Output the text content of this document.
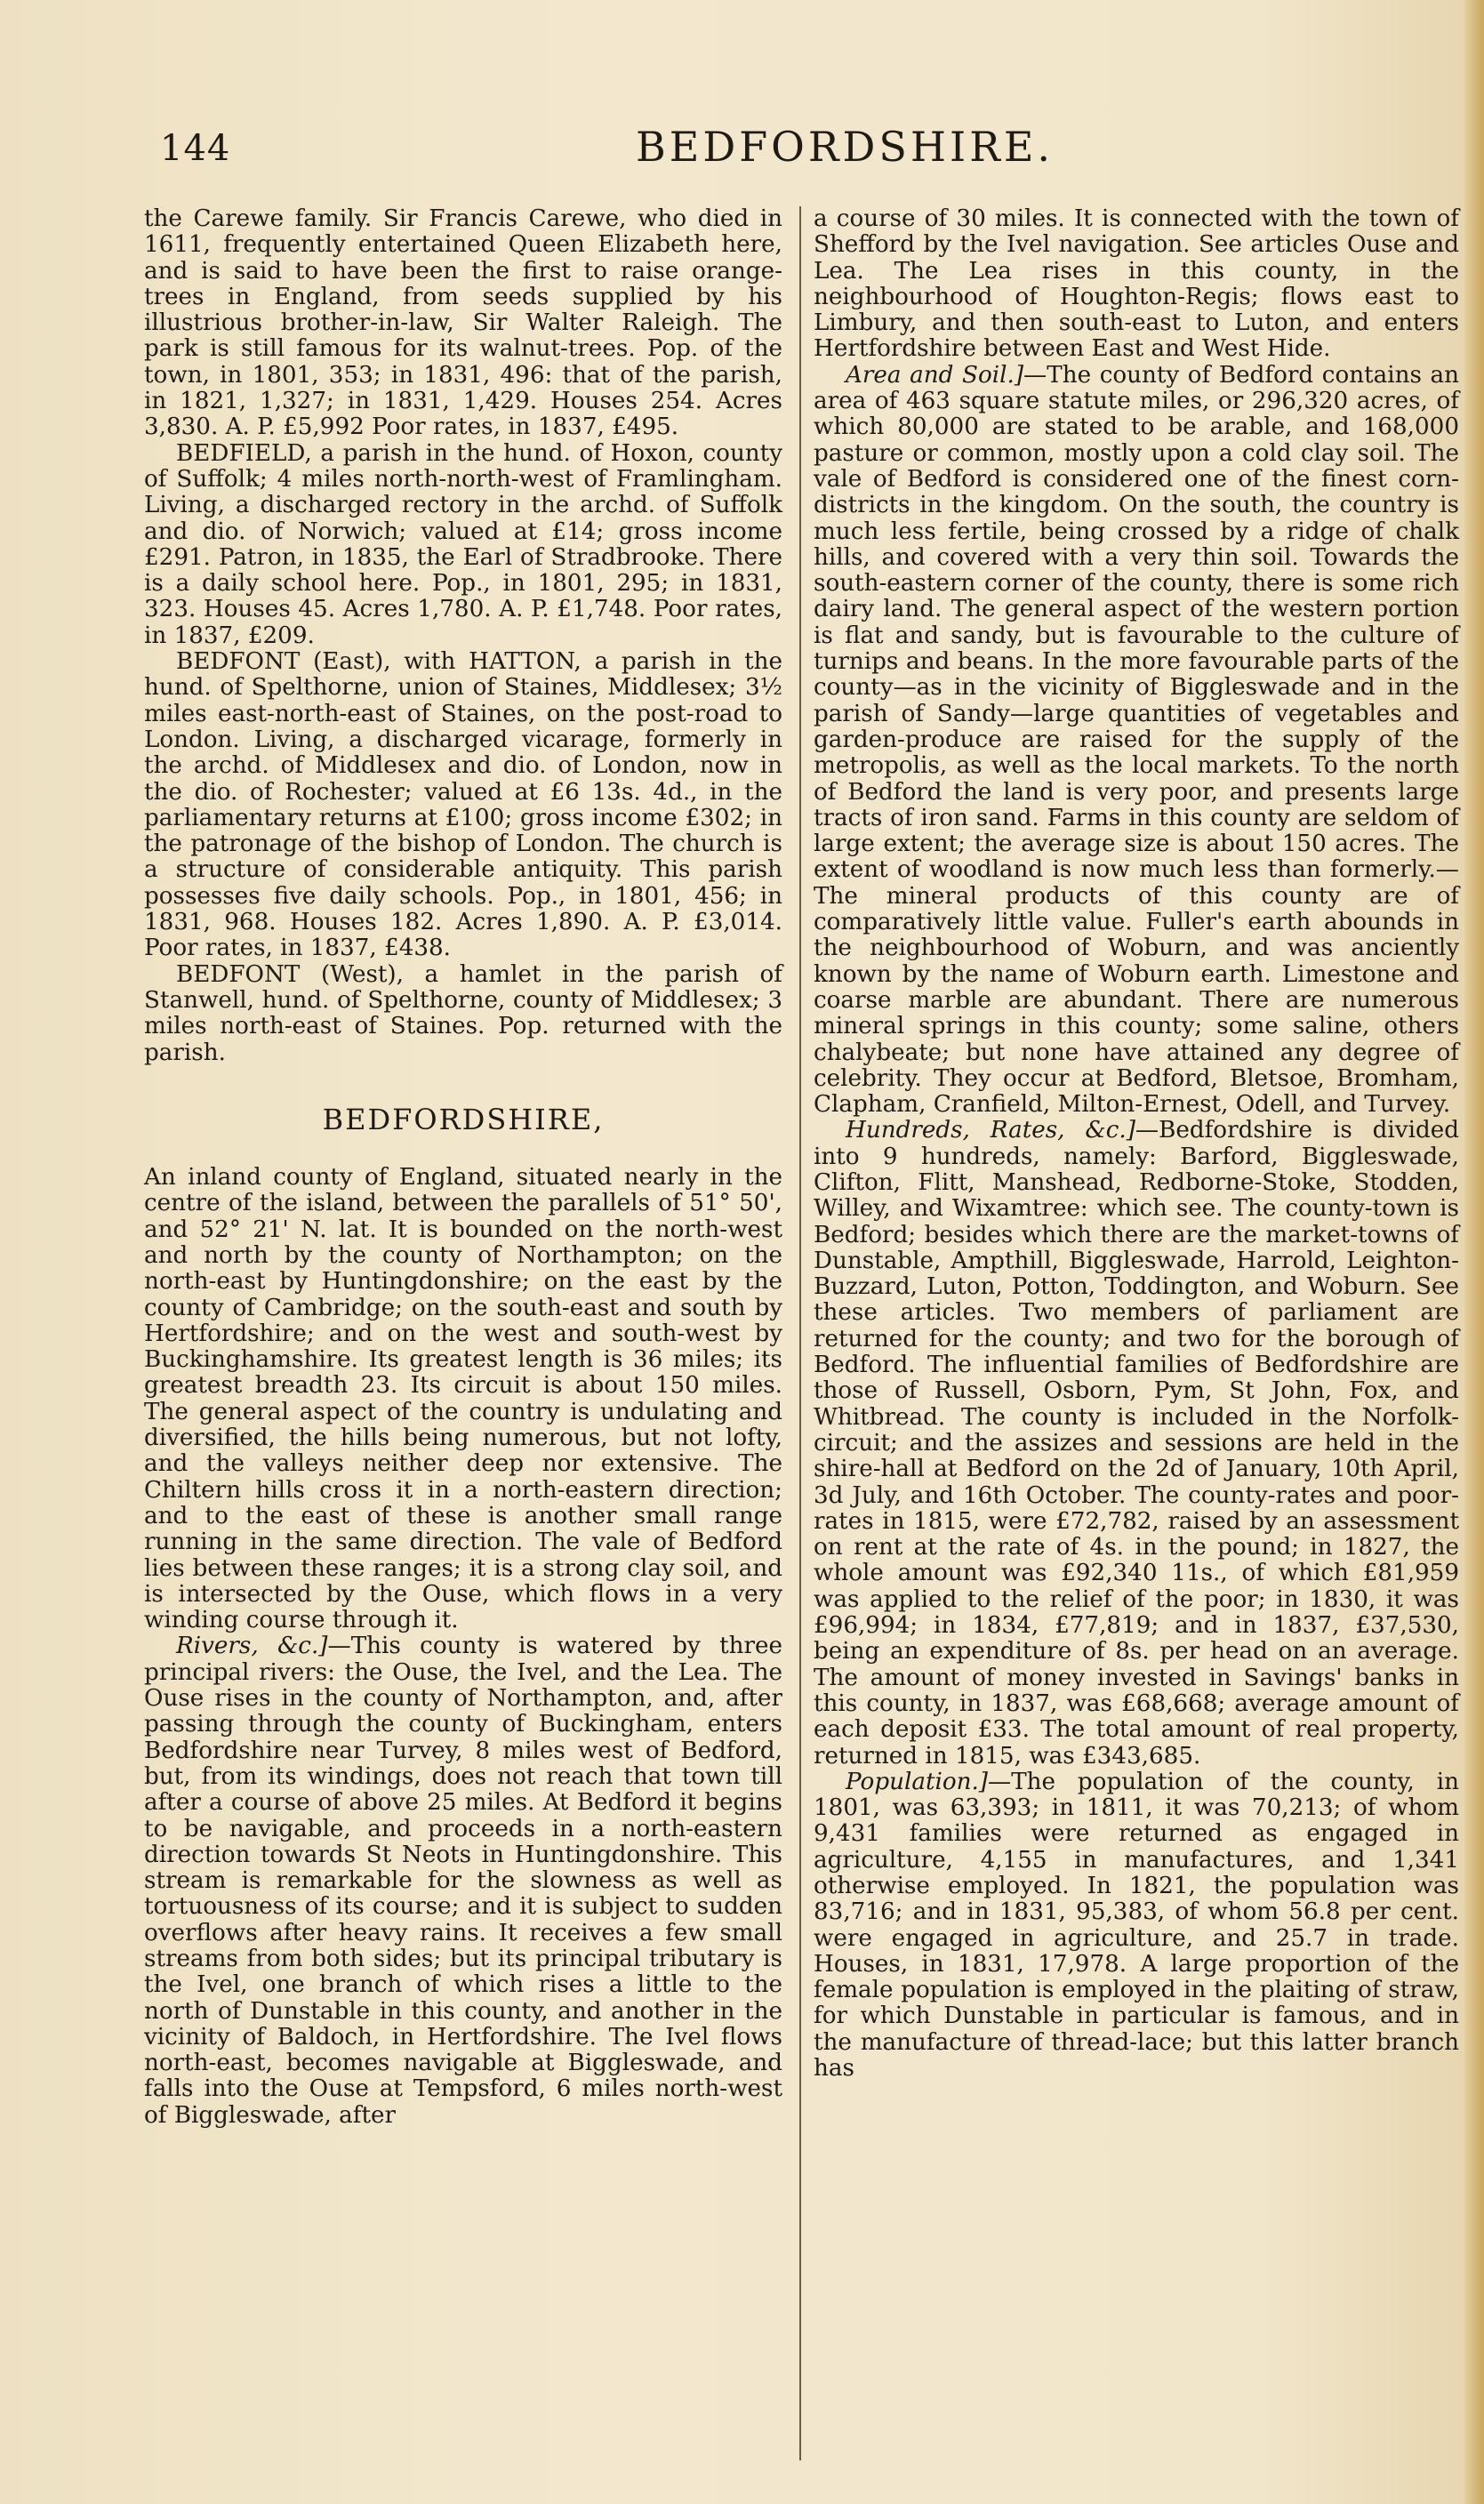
144	BEDFORDSHIRE.

the Carewe family. Sir Francis Carewe, who died in 1611, frequently entertained Queen Elizabeth here, and is said to have been the first to raise orange-trees in England, from seeds supplied by his illustrious brother-in-law, Sir Walter Raleigh. The park is still famous for its walnut-trees. Pop. of the town, in 1801, 353; in 1831, 496: that of the parish, in 1821, 1,327; in 1831, 1,429. Houses 254. Acres 3,830. A. P. £5,992 Poor rates, in 1837, £495.

BEDFIELD, a parish in the hund. of Hoxon, county of Suffolk; 4 miles north-north-west of Framlingham. Living, a discharged rectory in the archd. of Suffolk and dio. of Norwich; valued at £14; gross income £291. Patron, in 1835, the Earl of Stradbrooke. There is a daily school here. Pop., in 1801, 295; in 1831, 323. Houses 45. Acres 1,780. A. P. £1,748. Poor rates, in 1837, £209.

BEDFONT (East), with HATTON, a parish in the hund. of Spelthorne, union of Staines, Middlesex; 3½ miles east-north-east of Staines, on the post-road to London. Living, a discharged vicarage, formerly in the archd. of Middlesex and dio. of London, now in the dio. of Rochester; valued at £6 13s. 4d., in the parliamentary returns at £100; gross income £302; in the patronage of the bishop of London. The church is a structure of considerable antiquity. This parish possesses five daily schools. Pop., in 1801, 456; in 1831, 968. Houses 182. Acres 1,890. A. P. £3,014. Poor rates, in 1837, £438.

BEDFONT (West), a hamlet in the parish of Stanwell, hund. of Spelthorne, county of Middlesex; 3 miles north-east of Staines. Pop. returned with the parish.

BEDFORDSHIRE,

An inland county of England, situated nearly in the centre of the island, between the parallels of 51° 50', and 52° 21' N. lat. It is bounded on the north-west and north by the county of Northampton; on the north-east by Huntingdonshire; on the east by the county of Cambridge; on the south-east and south by Hertfordshire; and on the west and south-west by Buckinghamshire. Its greatest length is 36 miles; its greatest breadth 23. Its circuit is about 150 miles. The general aspect of the country is undulating and diversified, the hills being numerous, but not lofty, and the valleys neither deep nor extensive. The Chiltern hills cross it in a north-eastern direction; and to the east of these is another small range running in the same direction. The vale of Bedford lies between these ranges; it is a strong clay soil, and is intersected by the Ouse, which flows in a very winding course through it.

Rivers, &c.]—This county is watered by three principal rivers: the Ouse, the Ivel, and the Lea. The Ouse rises in the county of Northampton, and, after passing through the county of Buckingham, enters Bedfordshire near Turvey, 8 miles west of Bedford, but, from its windings, does not reach that town till after a course of above 25 miles. At Bedford it begins to be navigable, and proceeds in a north-eastern direction towards St Neots in Huntingdonshire. This stream is remarkable for the slowness as well as tortuousness of its course; and it is subject to sudden overflows after heavy rains. It receives a few small streams from both sides; but its principal tributary is the Ivel, one branch of which rises a little to the north of Dunstable in this county, and another in the vicinity of Baldoch, in Hertfordshire. The Ivel flows north-east, becomes navigable at Biggleswade, and falls into the Ouse at Tempsford, 6 miles north-west of Biggleswade, after

a course of 30 miles. It is connected with the town of Shefford by the Ivel navigation. See articles Ouse and Lea. The Lea rises in this county, in the neighbourhood of Houghton-Regis; flows east to Limbury, and then south-east to Luton, and enters Hertfordshire between East and West Hide.

Area and Soil.]—The county of Bedford contains an area of 463 square statute miles, or 296,320 acres, of which 80,000 are stated to be arable, and 168,000 pasture or common, mostly upon a cold clay soil. The vale of Bedford is considered one of the finest corn-districts in the kingdom. On the south, the country is much less fertile, being crossed by a ridge of chalk hills, and covered with a very thin soil. Towards the south-eastern corner of the county, there is some rich dairy land. The general aspect of the western portion is flat and sandy, but is favourable to the culture of turnips and beans. In the more favourable parts of the county—as in the vicinity of Biggleswade and in the parish of Sandy—large quantities of vegetables and garden-produce are raised for the supply of the metropolis, as well as the local markets. To the north of Bedford the land is very poor, and presents large tracts of iron sand. Farms in this county are seldom of large extent; the average size is about 150 acres. The extent of woodland is now much less than formerly.—The mineral products of this county are of comparatively little value. Fuller's earth abounds in the neighbourhood of Woburn, and was anciently known by the name of Woburn earth. Limestone and coarse marble are abundant. There are numerous mineral springs in this county; some saline, others chalybeate; but none have attained any degree of celebrity. They occur at Bedford, Bletsoe, Bromham, Clapham, Cranfield, Milton-Ernest, Odell, and Turvey.

Hundreds, Rates, &c.]—Bedfordshire is divided into 9 hundreds, namely: Barford, Biggleswade, Clifton, Flitt, Manshead, Redborne-Stoke, Stodden, Willey, and Wixamtree: which see. The county-town is Bedford; besides which there are the market-towns of Dunstable, Ampthill, Biggleswade, Harrold, Leighton-Buzzard, Luton, Potton, Toddington, and Woburn. See these articles. Two members of parliament are returned for the county; and two for the borough of Bedford. The influential families of Bedfordshire are those of Russell, Osborn, Pym, St John, Fox, and Whitbread. The county is included in the Norfolk-circuit; and the assizes and sessions are held in the shire-hall at Bedford on the 2d of January, 10th April, 3d July, and 16th October. The county-rates and poor-rates in 1815, were £72,782, raised by an assessment on rent at the rate of 4s. in the pound; in 1827, the whole amount was £92,340 11s., of which £81,959 was applied to the relief of the poor; in 1830, it was £96,994; in 1834, £77,819; and in 1837, £37,530, being an expenditure of 8s. per head on an average. The amount of money invested in Savings' banks in this county, in 1837, was £68,668; average amount of each deposit £33. The total amount of real property, returned in 1815, was £343,685.

Population.]—The population of the county, in 1801, was 63,393; in 1811, it was 70,213; of whom 9,431 families were returned as engaged in agriculture, 4,155 in manufactures, and 1,341 otherwise employed. In 1821, the population was 83,716; and in 1831, 95,383, of whom 56.8 per cent. were engaged in agriculture, and 25.7 in trade. Houses, in 1831, 17,978. A large proportion of the female population is employed in the plaiting of straw, for which Dunstable in particular is famous, and in the manufacture of thread-lace; but this latter branch has
